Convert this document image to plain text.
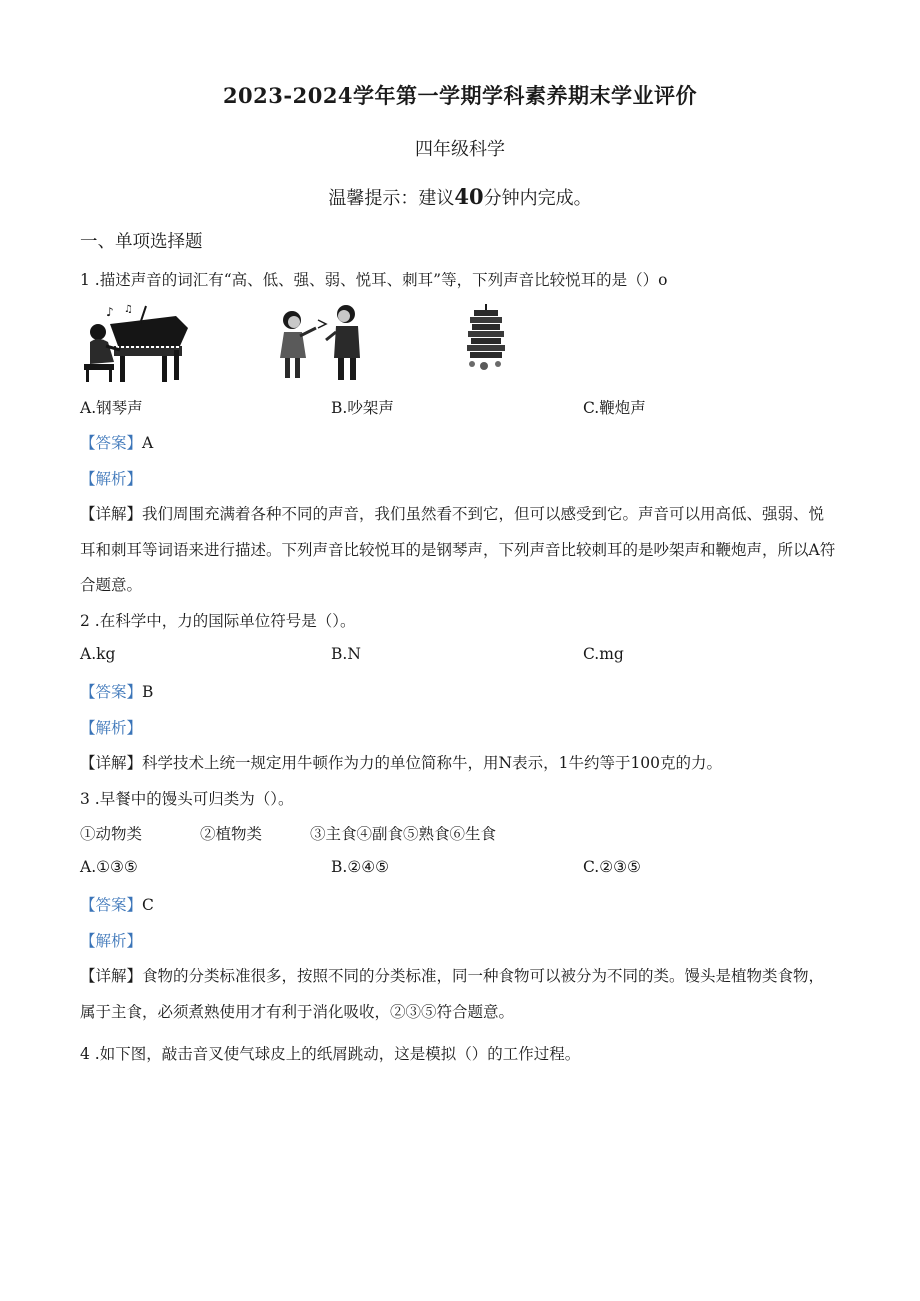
2023-2024学年第一学期学科素养期末学业评价
四年级科学
温馨提示：建议40分钟内完成。
一、单项选择题
1 .描述声音的词汇有“高、低、强、弱、悦耳、刺耳”等，下列声音比较悦耳的是（）o
♪ ♫
A.钢琴声	B.吵架声	C.鞭炮声
【答案】A
【解析】
【详解】我们周围充满着各种不同的声音，我们虽然看不到它，但可以感受到它。声音可以用高低、强弱、悦
耳和刺耳等词语来进行描述。下列声音比较悦耳的是钢琴声，下列声音比较刺耳的是吵架声和鞭炮声，所以A符
合题意。
2 .在科学中，力的国际单位符号是（）。
A.kg	B.N	C.mg
【答案】B
【解析】
【详解】科学技术上统一规定用牛顿作为力的单位简称牛，用N表示，1牛约等于100克的力。
3 .早餐中的馒头可归类为（）。
①动物类	②植物类	③主食④副食⑤熟食⑥生食
A.①③⑤	B.②④⑤	C.②③⑤
【答案】C
【解析】
【详解】食物的分类标准很多，按照不同的分类标准，同一种食物可以被分为不同的类。馒头是植物类食物，
属于主食，必须煮熟使用才有利于消化吸收，②③⑤符合题意。
4 .如下图，敲击音叉使气球皮上的纸屑跳动，这是模拟（）的工作过程。
